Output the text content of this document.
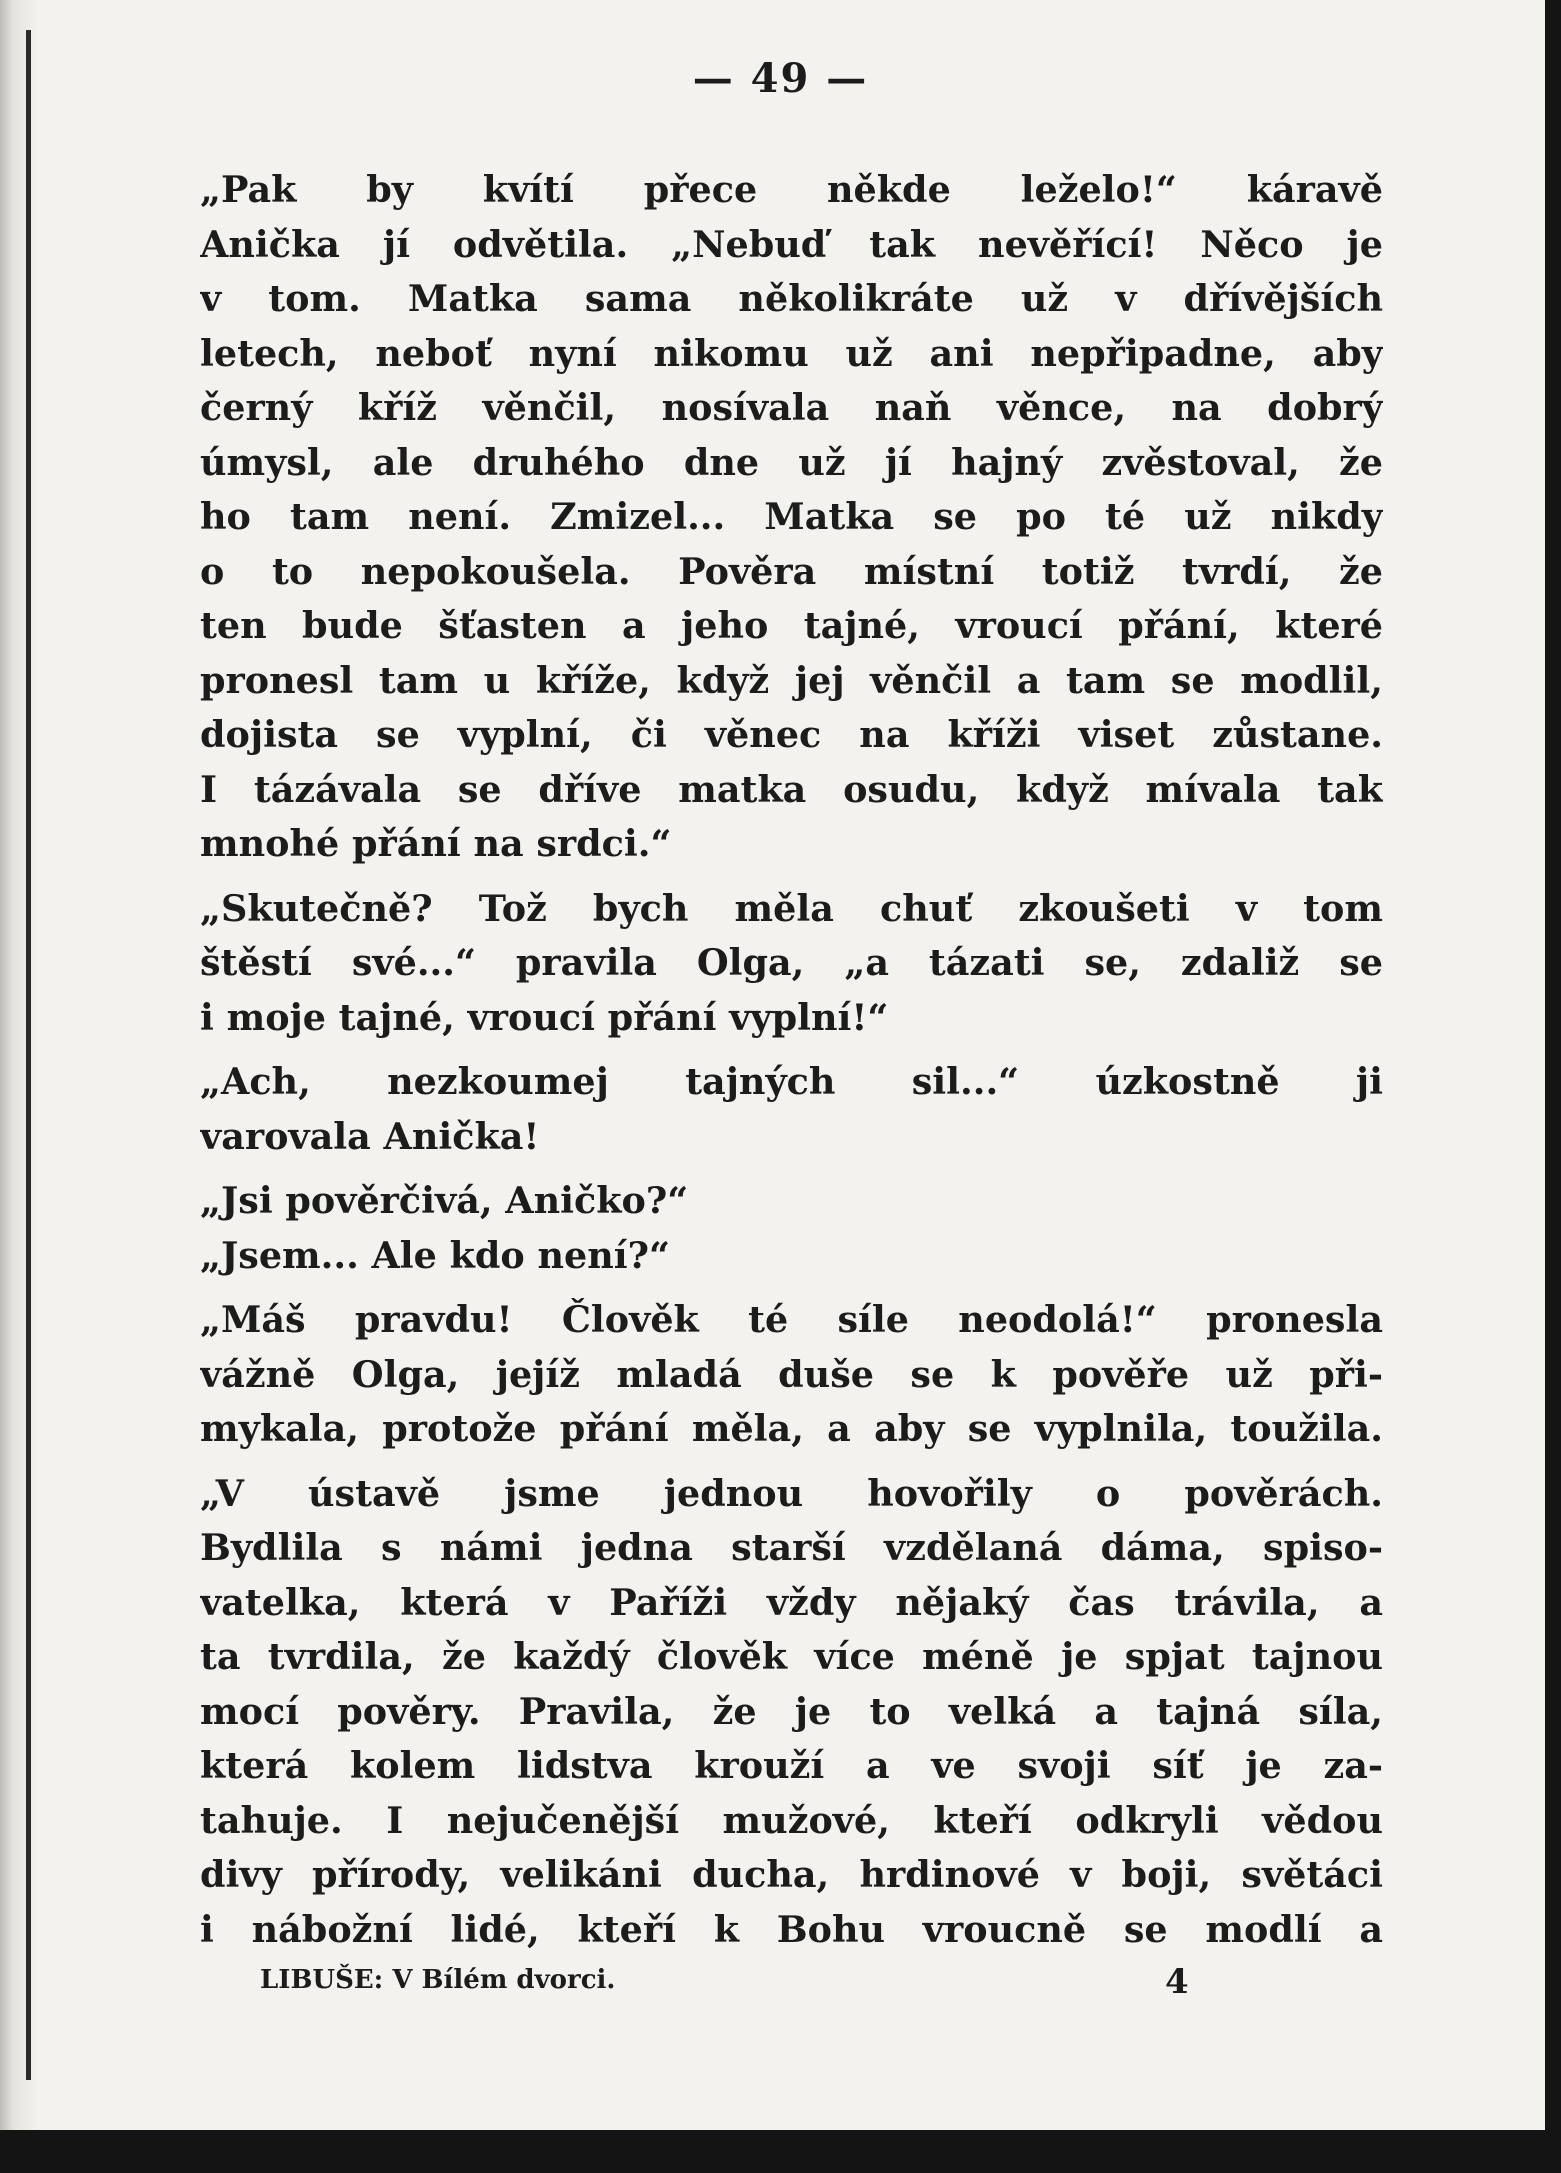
— 49 —
„Pak by kvítí přece někde leželo!“ káravě
Anička jí odvětila. „Nebuď tak nevěřící! Něco je
v tom. Matka sama několikráte už v dřívějších
letech, neboť nyní nikomu už ani nepřipadne, aby
černý kříž věnčil, nosívala naň věnce, na dobrý
úmysl, ale druhého dne už jí hajný zvěstoval, že
ho tam není. Zmizel... Matka se po té už nikdy
o to nepokoušela. Pověra místní totiž tvrdí, že
ten bude šťasten a jeho tajné, vroucí přání, které
pronesl tam u kříže, když jej věnčil a tam se modlil,
dojista se vyplní, či věnec na kříži viset zůstane.
I tázávala se dříve matka osudu, když mívala tak
mnohé přání na srdci.“
„Skutečně? Tož bych měla chuť zkoušeti v tom
štěstí své...“ pravila Olga, „a tázati se, zdaliž se
i moje tajné, vroucí přání vyplní!“
„Ach, nezkoumej tajných sil...“ úzkostně ji
varovala Anička!
„Jsi pověrčivá, Aničko?“
„Jsem... Ale kdo není?“
„Máš pravdu! Člověk té síle neodolá!“ pronesla
vážně Olga, jejíž mladá duše se k pověře už při-
mykala, protože přání měla, a aby se vyplnila, toužila.
„V ústavě jsme jednou hovořily o pověrách.
Bydlila s námi jedna starší vzdělaná dáma, spiso-
vatelka, která v Paříži vždy nějaký čas trávila, a
ta tvrdila, že každý člověk více méně je spjat tajnou
mocí pověry. Pravila, že je to velká a tajná síla,
která kolem lidstva krouží a ve svoji síť je za-
tahuje. I nejučenější mužové, kteří odkryli vědou
divy přírody, velikáni ducha, hrdinové v boji, světáci
i nábožní lidé, kteří k Bohu vroucně se modlí a
LIBUŠE: V Bílém dvorci.	4
